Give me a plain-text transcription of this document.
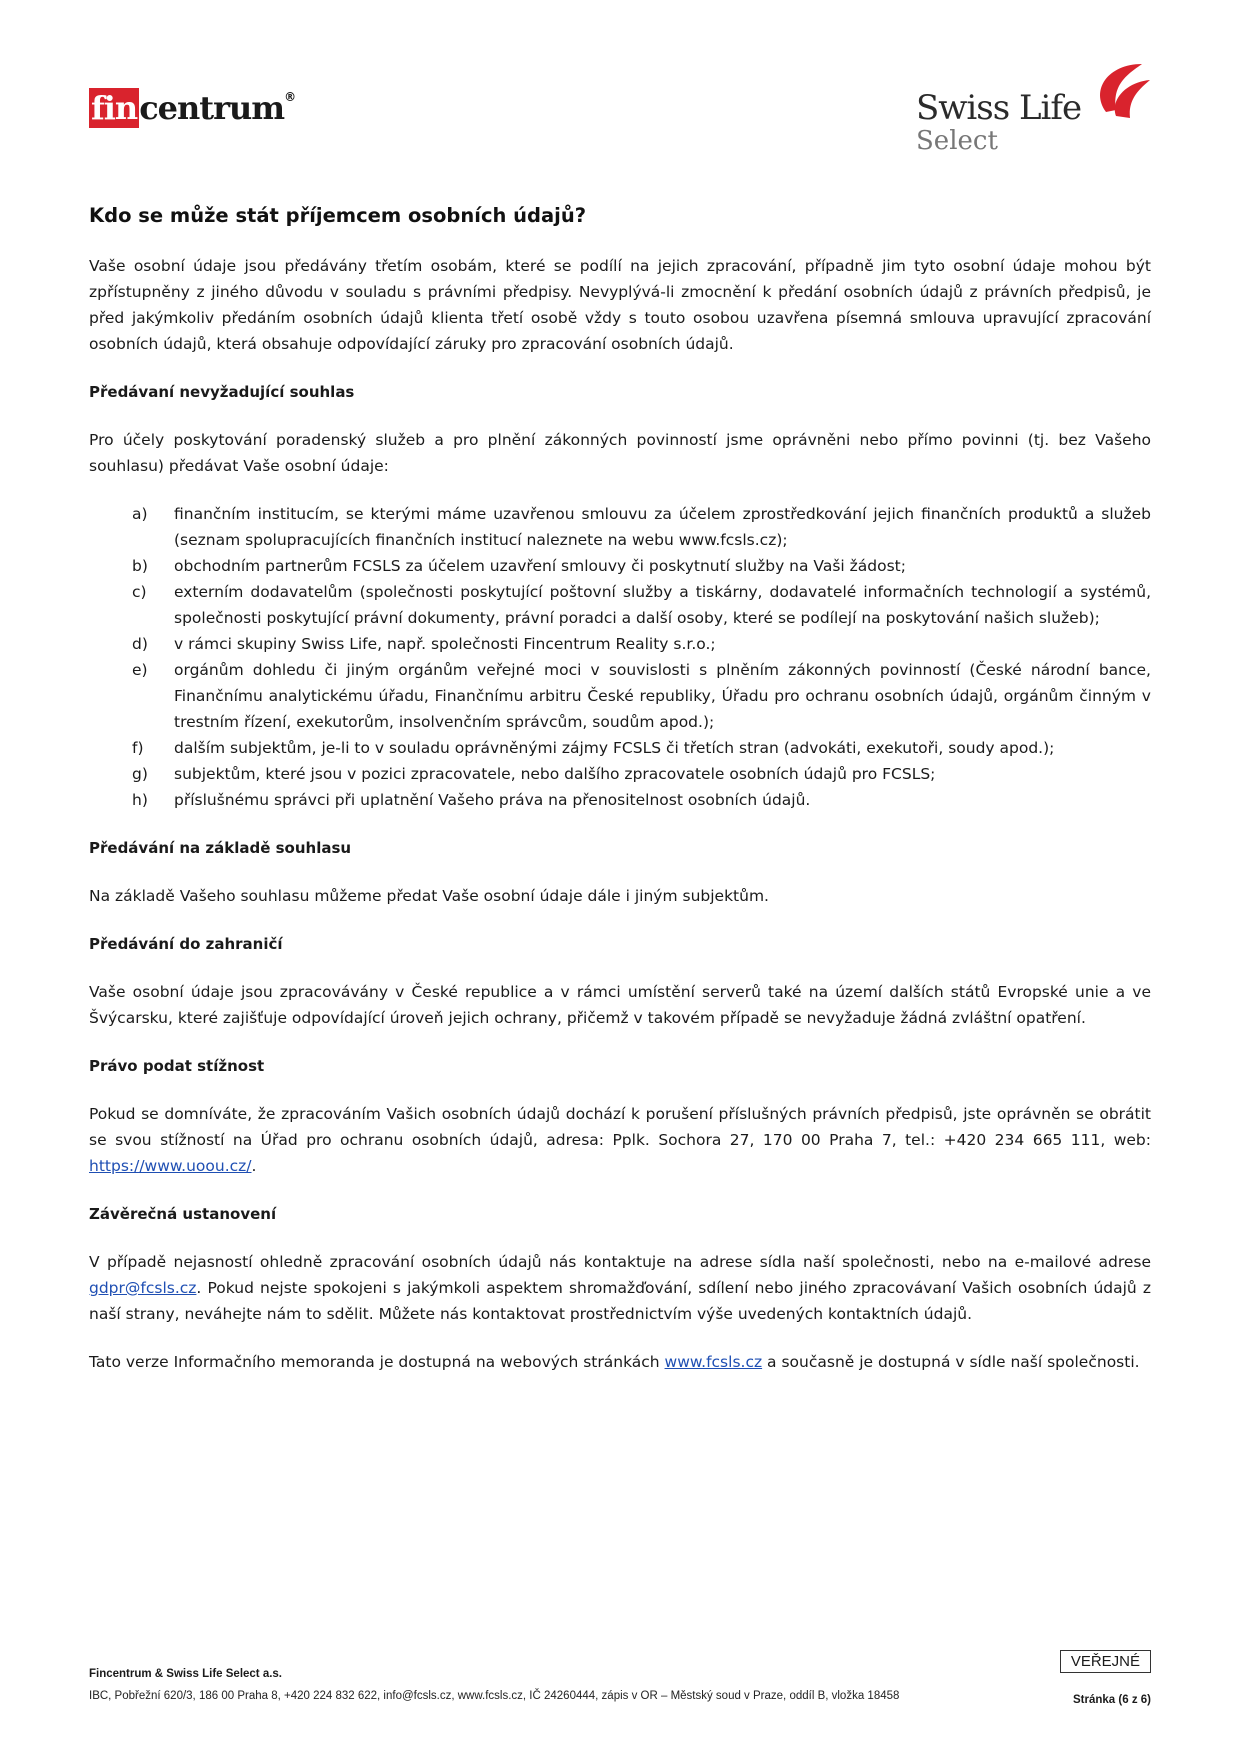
fin centrum ®	Swiss Life
Select
Kdo se může stát příjemcem osobních údajů?

Vaše osobní údaje jsou předávány třetím osobám, které se podílí na jejich zpracování, případně jim tyto osobní údaje mohou být zpřístupněny z jiného důvodu v souladu s právními předpisy. Nevyplývá-li zmocnění k předání osobních údajů z právních předpisů, je před jakýmkoliv předáním osobních údajů klienta třetí osobě vždy s touto osobou uzavřena písemná smlouva upravující zpracování osobních údajů, která obsahuje odpovídající záruky pro zpracování osobních údajů.

Předávaní nevyžadující souhlas

Pro účely poskytování poradenský služeb a pro plnění zákonných povinností jsme oprávněni nebo přímo povinni (tj. bez Vašeho souhlasu) předávat Vaše osobní údaje:

a)	finančním institucím, se kterými máme uzavřenou smlouvu za účelem zprostředkování jejich finančních produktů a služeb (seznam spolupracujících finančních institucí naleznete na webu www.fcsls.cz);
b)	obchodním partnerům FCSLS za účelem uzavření smlouvy či poskytnutí služby na Vaši žádost;
c)	externím dodavatelům (společnosti poskytující poštovní služby a tiskárny, dodavatelé informačních technologií a systémů, společnosti poskytující právní dokumenty, právní poradci a další osoby, které se podílejí na poskytování našich služeb);
d)	v rámci skupiny Swiss Life, např. společnosti Fincentrum Reality s.r.o.;
e)	orgánům dohledu či jiným orgánům veřejné moci v souvislosti s plněním zákonných povinností (České národní bance, Finančnímu analytickému úřadu, Finančnímu arbitru České republiky, Úřadu pro ochranu osobních údajů, orgánům činným v trestním řízení, exekutorům, insolvenčním správcům, soudům apod.);
f)	dalším subjektům, je-li to v souladu oprávněnými zájmy FCSLS či třetích stran (advokáti, exekutoři, soudy apod.);
g)	subjektům, které jsou v pozici zpracovatele, nebo dalšího zpracovatele osobních údajů pro FCSLS;
h)	příslušnému správci při uplatnění Vašeho práva na přenositelnost osobních údajů.
Předávání na základě souhlasu

Na základě Vašeho souhlasu můžeme předat Vaše osobní údaje dále i jiným subjektům.

Předávání do zahraničí

Vaše osobní údaje jsou zpracovávány v České republice a v rámci umístění serverů také na území dalších států Evropské unie a ve Švýcarsku, které zajišťuje odpovídající úroveň jejich ochrany, přičemž v takovém případě se nevyžaduje žádná zvláštní opatření.

Právo podat stížnost

Pokud se domníváte, že zpracováním Vašich osobních údajů dochází k porušení příslušných právních předpisů, jste oprávněn se obrátit se svou stížností na Úřad pro ochranu osobních údajů, adresa: Pplk. Sochora 27, 170 00 Praha 7, tel.: +420 234 665 111, web: https://www.uoou.cz/.

Závěrečná ustanovení

V případě nejasností ohledně zpracování osobních údajů nás kontaktuje na adrese sídla naší společnosti, nebo na e-mailové adrese gdpr@fcsls.cz. Pokud nejste spokojeni s jakýmkoli aspektem shromažďování, sdílení nebo jiného zpracovávaní Vašich osobních údajů z naší strany, neváhejte nám to sdělit. Můžete nás kontaktovat prostřednictvím výše uvedených kontaktních údajů.

Tato verze Informačního memoranda je dostupná na webových stránkách www.fcsls.cz a současně je dostupná v sídle naší společnosti.

VEŘEJNÉ
Fincentrum & Swiss Life Select a.s.
IBC, Pobřežní 620/3, 186 00 Praha 8, +420 224 832 622, info@fcsls.cz, www.fcsls.cz, IČ 24260444, zápis v OR – Městský soud v Praze, oddíl B, vložka 18458	Stránka (6 z 6)
